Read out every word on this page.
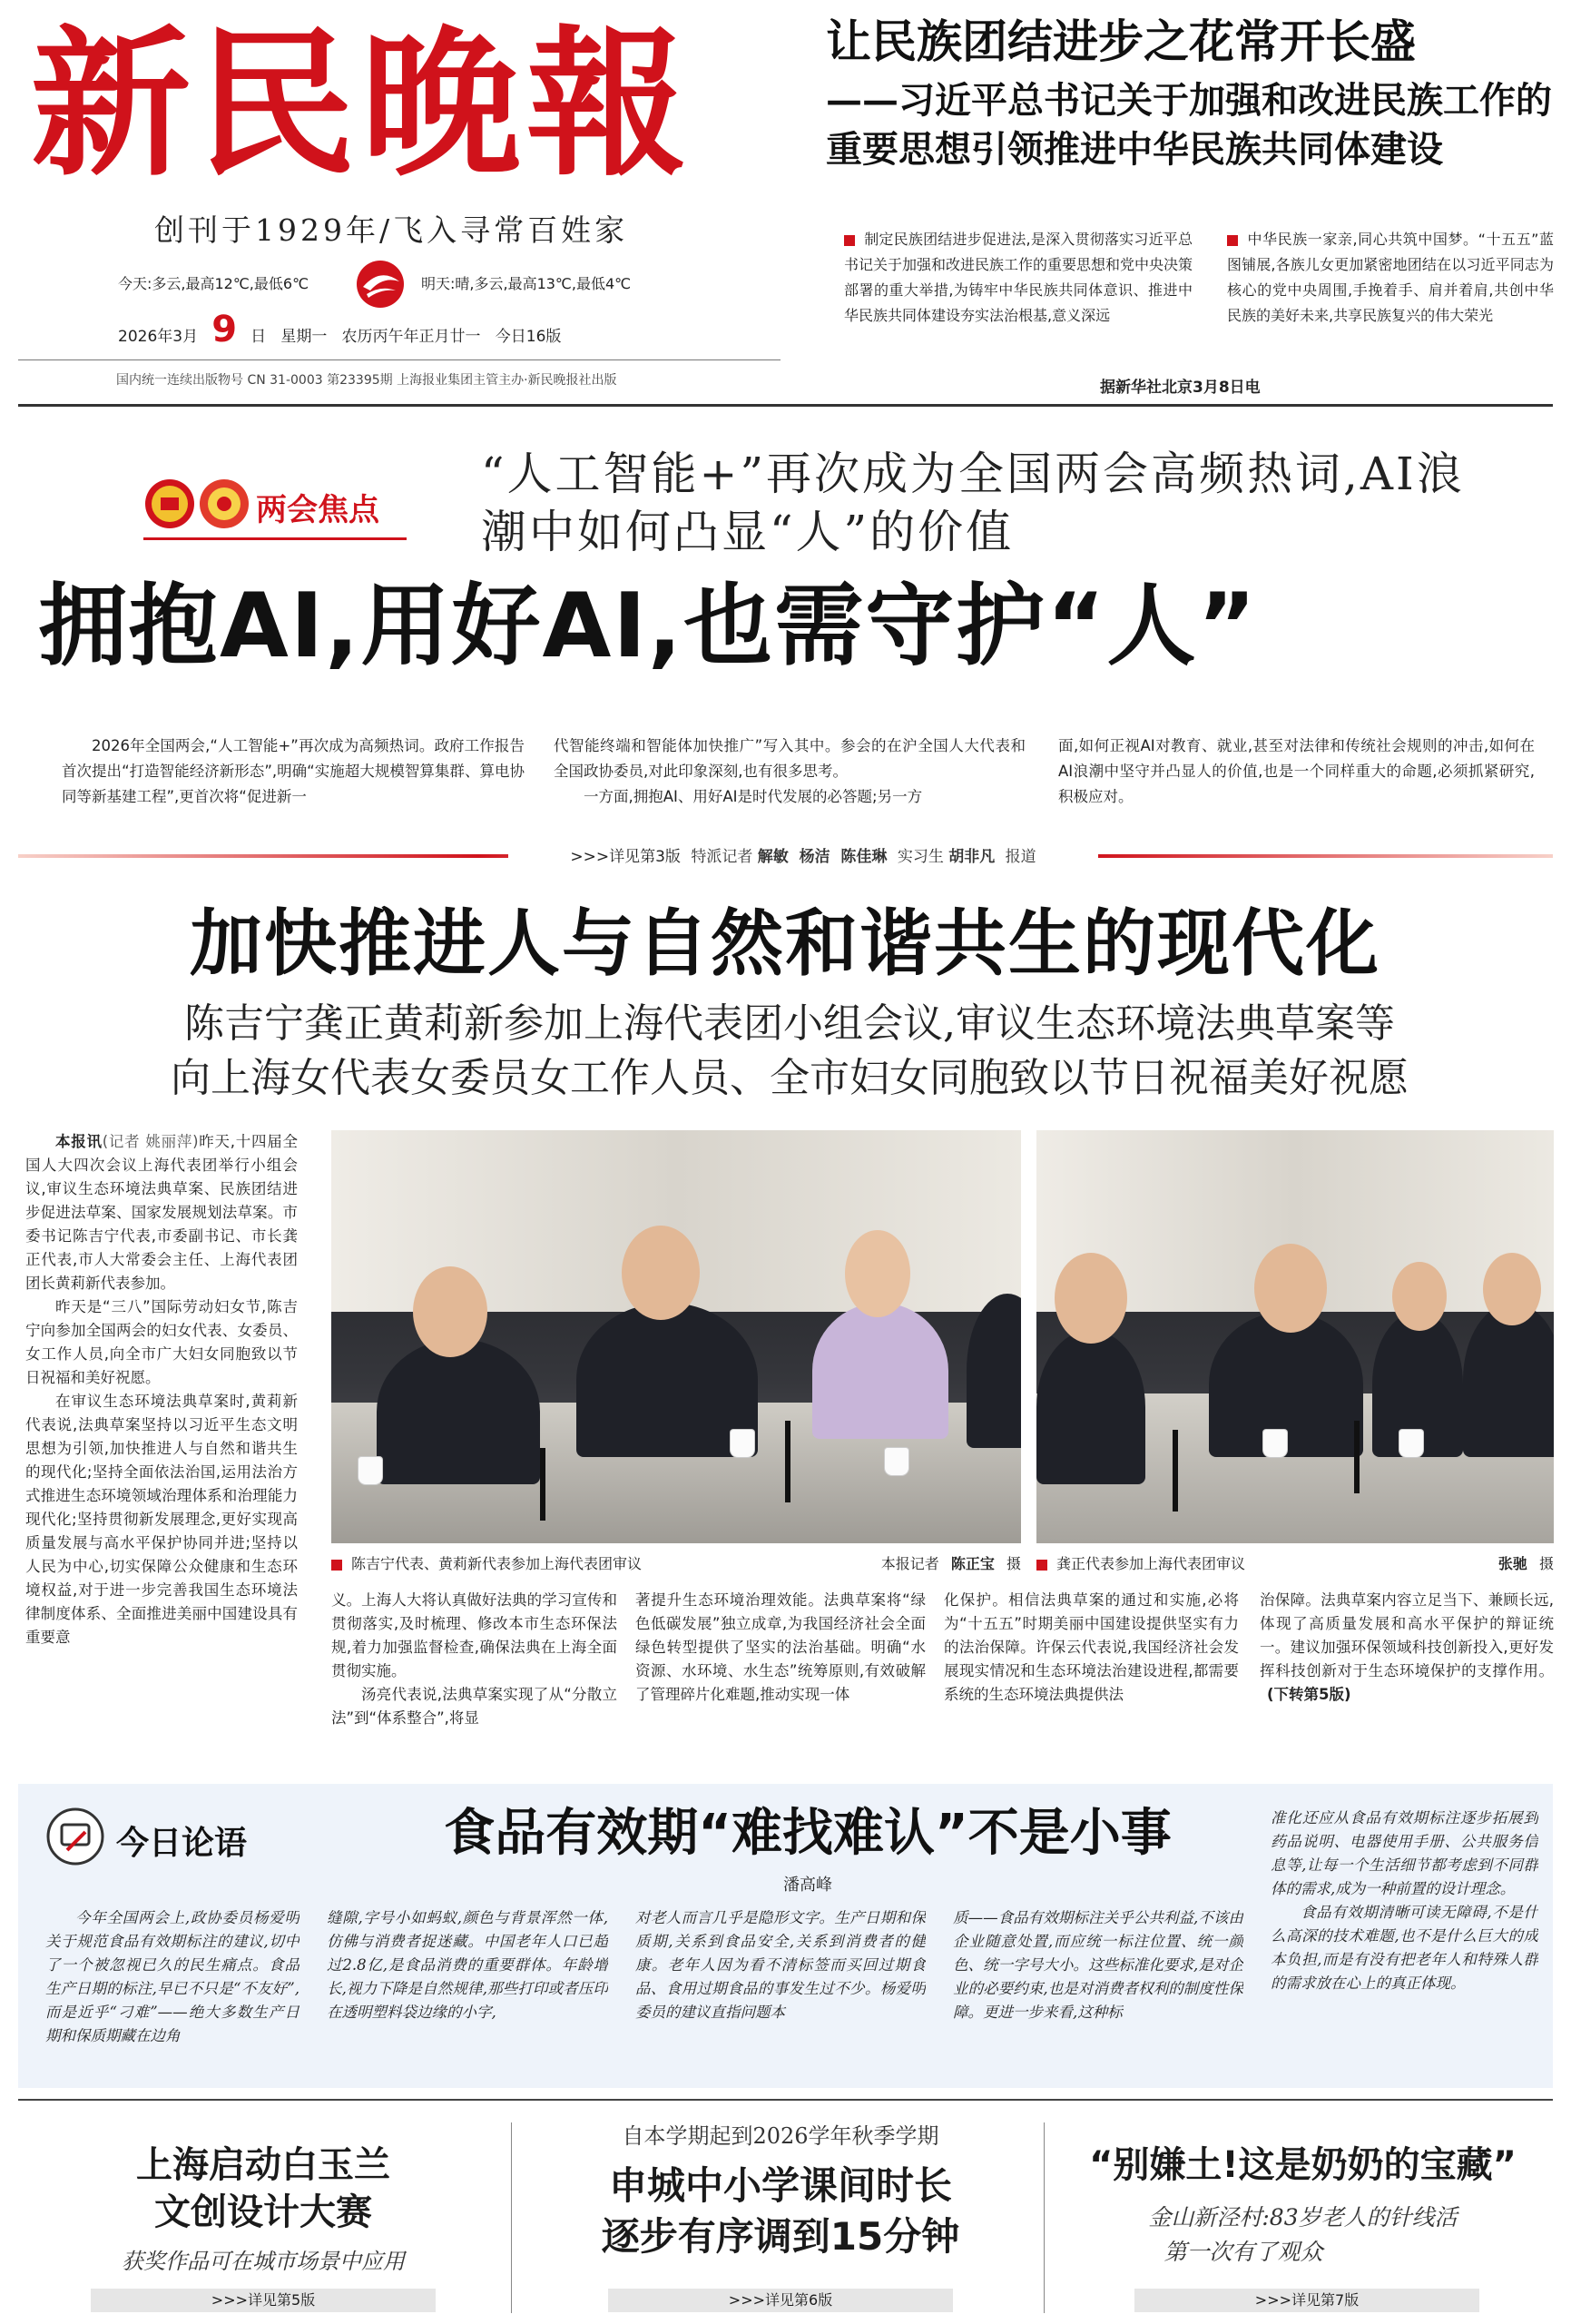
新民晚報
创刊于1929年/飞入寻常百姓家
今天:多云,最高12℃,最低6℃	明天:晴,多云,最高13℃,最低4℃
2026年3月 9 日   星期一   农历丙午年正月廿一   今日16版
国内统一连续出版物号 CN 31-0003 第23395期 上海报业集团主管主办·新民晚报社出版
让民族团结进步之花常开长盛
——习近平总书记关于加强和改进民族工作的重要思想引领推进中华民族共同体建设
制定民族团结进步促进法,是深入贯彻落实习近平总书记关于加强和改进民族工作的重要思想和党中央决策部署的重大举措,为铸牢中华民族共同体意识、推进中华民族共同体建设夯实法治根基,意义深远
中华民族一家亲,同心共筑中国梦。“十五五”蓝图铺展,各族儿女更加紧密地团结在以习近平同志为核心的党中央周围,手挽着手、肩并着肩,共创中华民族的美好未来,共享民族复兴的伟大荣光
据新华社北京3月8日电
两会焦点
“人工智能+”再次成为全国两会高频热词,AI浪潮中如何凸显“人”的价值
拥抱AI,用好AI,也需守护“人”
2026年全国两会,“人工智能+”再次成为高频热词。政府工作报告首次提出“打造智能经济新形态”,明确“实施超大规模智算集群、算电协同等新基建工程”,更首次将“促进新一
代智能终端和智能体加快推广”写入其中。参会的在沪全国人大代表和全国政协委员,对此印象深刻,也有很多思考。
一方面,拥抱AI、用好AI是时代发展的必答题;另一方
面,如何正视AI对教育、就业,甚至对法律和传统社会规则的冲击,如何在AI浪潮中坚守并凸显人的价值,也是一个同样重大的命题,必须抓紧研究,积极应对。
>>>详见第3版 特派记者 解敏  杨洁  陈佳琳 实习生 胡非凡 报道
加快推进人与自然和谐共生的现代化
陈吉宁龚正黄莉新参加上海代表团小组会议,审议生态环境法典草案等
向上海女代表女委员女工作人员、全市妇女同胞致以节日祝福美好祝愿

本报讯(记者 姚丽萍)昨天,十四届全国人大四次会议上海代表团举行小组会议,审议生态环境法典草案、民族团结进步促进法草案、国家发展规划法草案。市委书记陈吉宁代表,市委副书记、市长龚正代表,市人大常委会主任、上海代表团团长黄莉新代表参加。

昨天是“三八”国际劳动妇女节,陈吉宁向参加全国两会的妇女代表、女委员、女工作人员,向全市广大妇女同胞致以节日祝福和美好祝愿。

在审议生态环境法典草案时,黄莉新代表说,法典草案坚持以习近平生态文明思想为引领,加快推进人与自然和谐共生的现代化;坚持全面依法治国,运用法治方式推进生态环境领域治理体系和治理能力现代化;坚持贯彻新发展理念,更好实现高质量发展与高水平保护协同并进;坚持以人民为中心,切实保障公众健康和生态环境权益,对于进一步完善我国生态环境法律制度体系、全面推进美丽中国建设具有重要意

陈吉宁代表、黄莉新代表参加上海代表团审议	本报记者 陈正宝 摄	龚正代表参加上海代表团审议	张驰 摄
义。上海人大将认真做好法典的学习宣传和贯彻落实,及时梳理、修改本市生态环保法规,着力加强监督检查,确保法典在上海全面贯彻实施。

汤亮代表说,法典草案实现了从“分散立法”到“体系整合”,将显

著提升生态环境治理效能。法典草案将“绿色低碳发展”独立成章,为我国经济社会全面绿色转型提供了坚实的法治基础。明确“水资源、水环境、水生态”统筹原则,有效破解了管理碎片化难题,推动实现一体
化保护。相信法典草案的通过和实施,必将为“十五五”时期美丽中国建设提供坚实有力的法治保障。许保云代表说,我国经济社会发展现实情况和生态环境法治建设进程,都需要系统的生态环境法典提供法
治保障。法典草案内容立足当下、兼顾长远,体现了高质量发展和高水平保护的辩证统一。建议加强环保领域科技创新投入,更好发挥科技创新对于生态环境保护的支撑作用。 (下转第5版)
今日论语	食品有效期“难找难认”不是小事
潘高峰

今年全国两会上,政协委员杨爱明关于规范食品有效期标注的建议,切中了一个被忽视已久的民生痛点。食品生产日期的标注,早已不只是“不友好”,而是近乎“刁难”——绝大多数生产日期和保质期藏在边角

缝隙,字号小如蚂蚁,颜色与背景浑然一体,仿佛与消费者捉迷藏。中国老年人口已超过2.8亿,是食品消费的重要群体。年龄增长,视力下降是自然规律,那些打印或者压印在透明塑料袋边缘的小字,
对老人而言几乎是隐形文字。生产日期和保质期,关系到食品安全,关系到消费者的健康。老年人因为看不清标签而买回过期食品、食用过期食品的事发生过不少。杨爱明委员的建议直指问题本
质——食品有效期标注关乎公共利益,不该由企业随意处置,而应统一标注位置、统一颜色、统一字号大小。这些标准化要求,是对企业的必要约束,也是对消费者权利的制度性保障。更进一步来看,这种标
准化还应从食品有效期标注逐步拓展到药品说明、电器使用手册、公共服务信息等,让每一个生活细节都考虑到不同群体的需求,成为一种前置的设计理念。

食品有效期清晰可读无障碍,不是什么高深的技术难题,也不是什么巨大的成本负担,而是有没有把老年人和特殊人群的需求放在心上的真正体现。

上海启动白玉兰
文创设计大赛
获奖作品可在城市场景中应用
>>>详见第5版
自本学期起到2026学年秋季学期
申城中小学课间时长
逐步有序调到15分钟
>>>详见第6版
“别嫌土!这是奶奶的宝藏”
金山新泾村:83岁老人的针线活
第一次有了观众
>>>详见第7版
